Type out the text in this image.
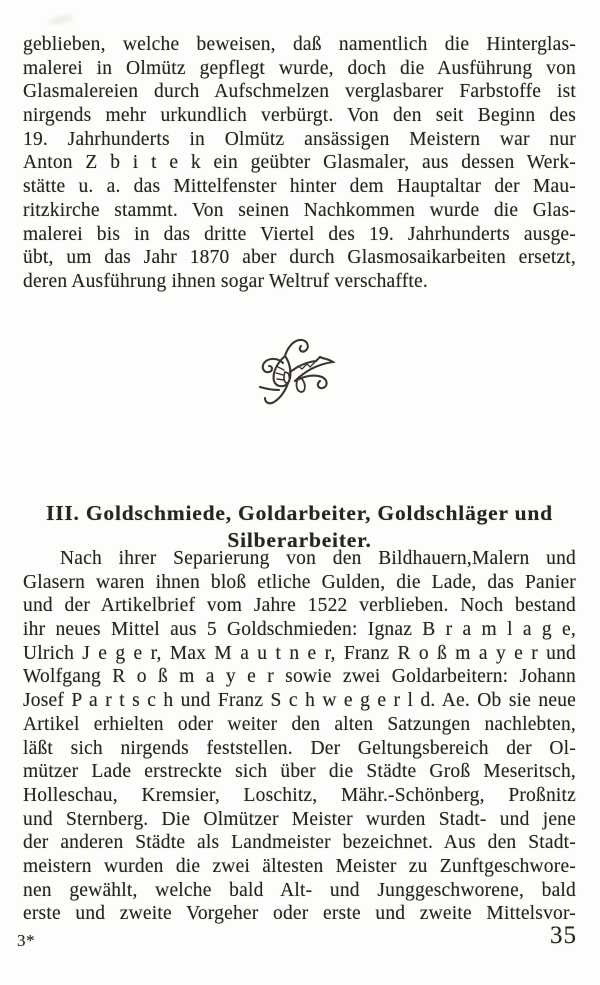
geblieben, welche beweisen, daß namentlich die Hinterglas-
malerei in Olmütz gepflegt wurde, doch die Ausführung von
Glasmalereien durch Aufschmelzen verglasbarer Farbstoffe ist
nirgends mehr urkundlich verbürgt. Von den seit Beginn des
19. Jahrhunderts in Olmütz ansässigen Meistern war nur
Anton Z b i t e k ein geübter Glasmaler, aus dessen Werk-
stätte u. a. das Mittelfenster hinter dem Hauptaltar der Mau-
ritzkirche stammt. Von seinen Nachkommen wurde die Glas-
malerei bis in das dritte Viertel des 19. Jahrhunderts ausge-
übt, um das Jahr 1870 aber durch Glasmosaikarbeiten ersetzt,
deren Ausführung ihnen sogar Weltruf verschaffte.
III. Goldschmiede, Goldarbeiter, Goldschläger und
Silberarbeiter.
Nach ihrer Separierung von den Bildhauern,Malern und
Glasern waren ihnen bloß etliche Gulden, die Lade, das Panier
und der Artikelbrief vom Jahre 1522 verblieben. Noch bestand
ihr neues Mittel aus 5 Goldschmieden: Ignaz B r a m l a g e,
Ulrich J e g e r, Max M a u t n e r, Franz R o ß m a y e r und
Wolfgang R o ß m a y e r sowie zwei Goldarbeitern: Johann
Josef P a r t s c h und Franz S c h w e g e r l d. Ae. Ob sie neue
Artikel erhielten oder weiter den alten Satzungen nachlebten,
läßt sich nirgends feststellen. Der Geltungsbereich der Ol-
mützer Lade erstreckte sich über die Städte Groß Meseritsch,
Holleschau, Kremsier, Loschitz, Mähr.-Schönberg, Proßnitz
und Sternberg. Die Olmützer Meister wurden Stadt- und jene
der anderen Städte als Landmeister bezeichnet. Aus den Stadt-
meistern wurden die zwei ältesten Meister zu Zunftgeschwore-
nen gewählt, welche bald Alt- und Junggeschworene, bald
erste und zweite Vorgeher oder erste und zweite Mittelsvor-
3*	35
